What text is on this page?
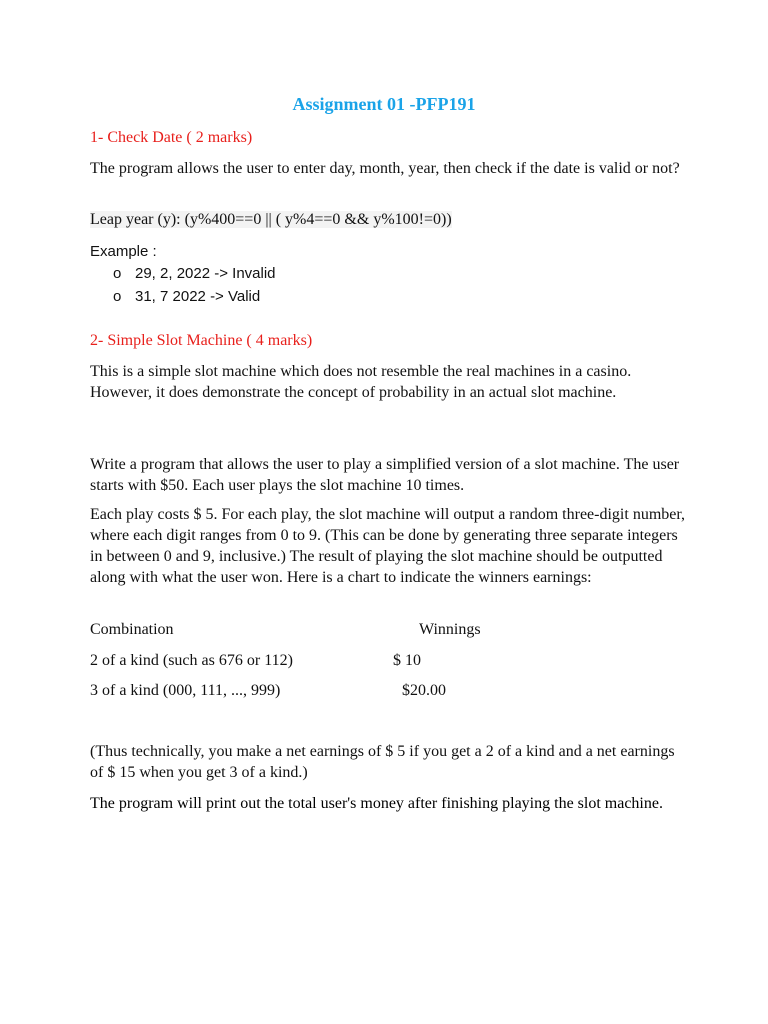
Assignment 01 -PFP191

1- Check Date ( 2 marks)

The program allows the user to enter day, month, year, then check if the date is valid or not?

Leap year (y): (y%400==0 || ( y%4==0 && y%100!=0))

Example :

o 29, 2, 2022 -> Invalid
o 31, 7 2022 -> Valid

2- Simple Slot Machine ( 4 marks)

This is a simple slot machine which does not resemble the real machines in a casino. However, it does demonstrate the concept of probability in an actual slot machine.

Write a program that allows the user to play a simplified version of a slot machine. The user starts with $50. Each user plays the slot machine 10 times.

Each play costs $ 5. For each play, the slot machine will output a random three-digit number, where each digit ranges from 0 to 9. (This can be done by generating three separate integers in between 0 and 9, inclusive.) The result of playing the slot machine should be outputted along with what the user won. Here is a chart to indicate the winners earnings:

Combination	Winnings

2 of a kind (such as 676 or 112)	$ 10

3 of a kind (000, 111, ..., 999)	$20.00

(Thus technically, you make a net earnings of $ 5 if you get a 2 of a kind and a net earnings of $ 15 when you get 3 of a kind.)

The program will print out the total user's money after finishing playing the slot machine.
